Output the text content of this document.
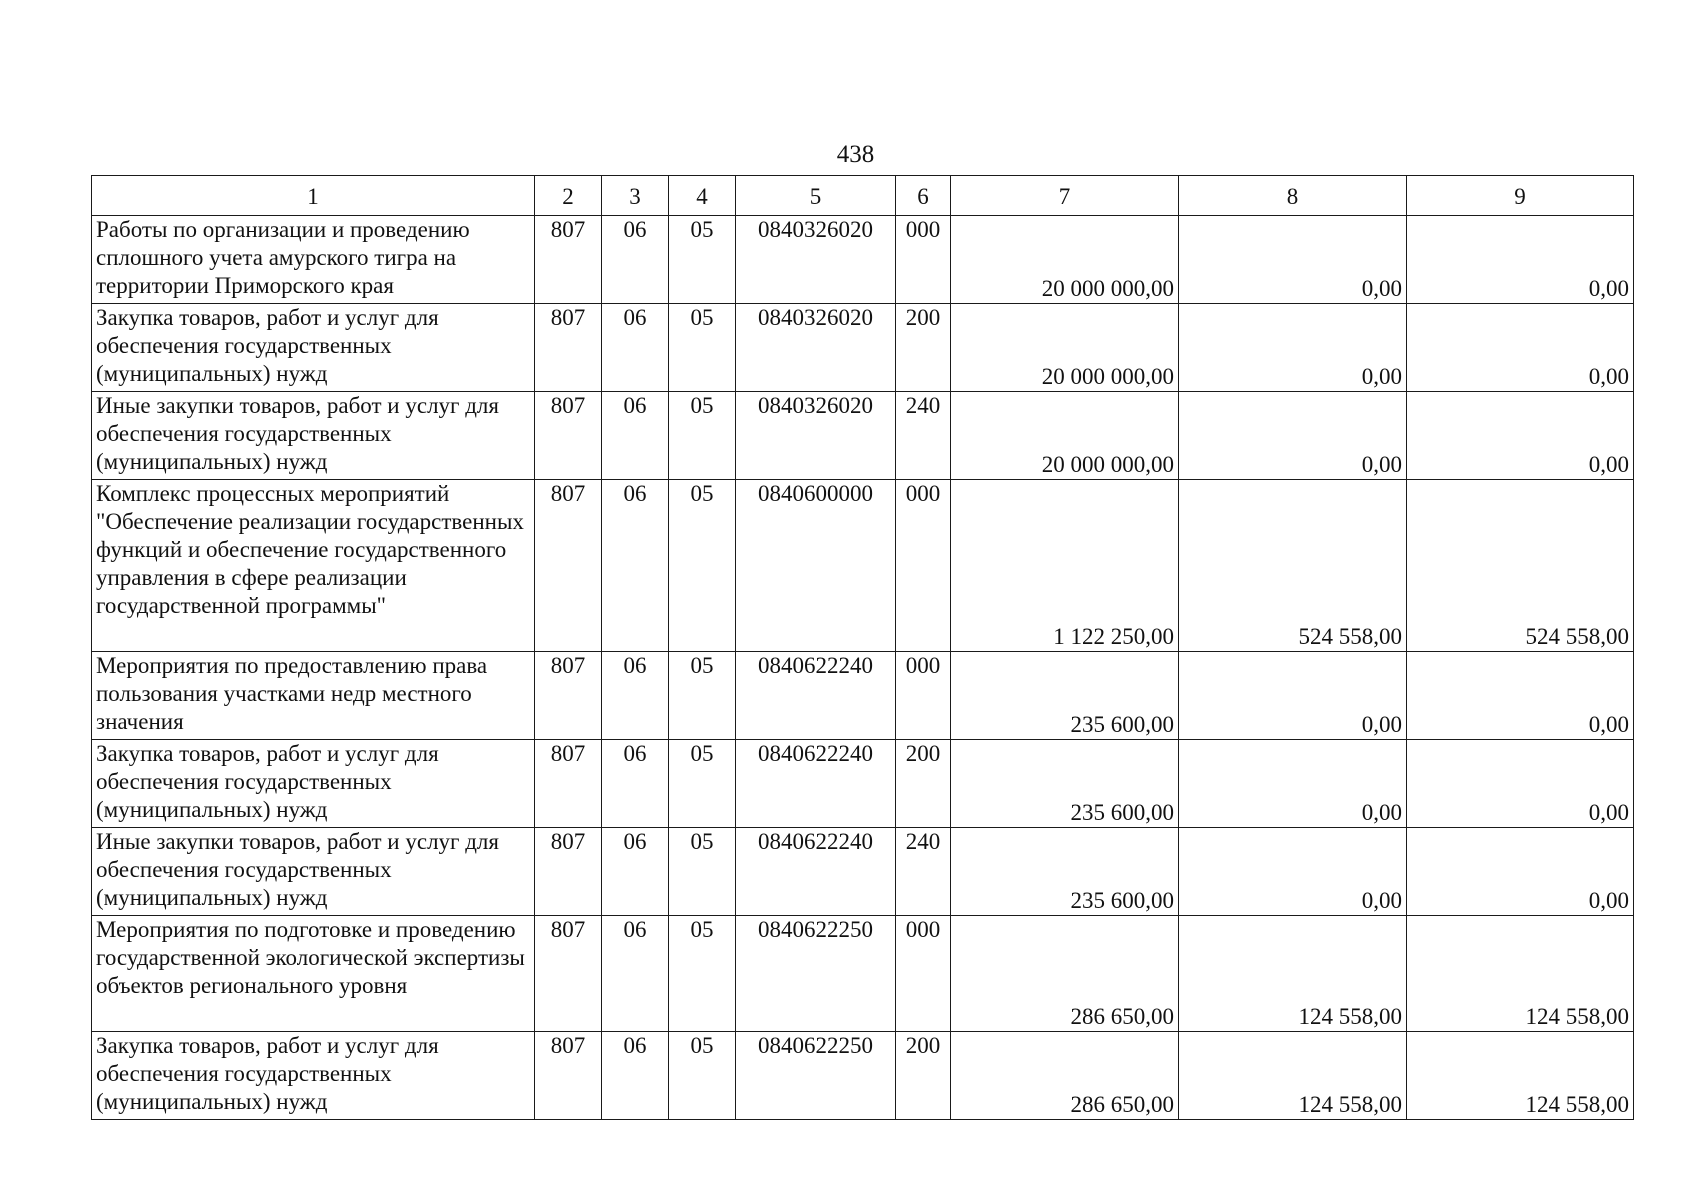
438
1	2	3	4	5	6	7	8	9
Работы по организации и проведению сплошного учета амурского тигра на территории Приморского края	807	06	05	0840326020	000	20 000 000,00	0,00	0,00
Закупка товаров, работ и услуг для обеспечения государственных (муниципальных) нужд	807	06	05	0840326020	200	20 000 000,00	0,00	0,00
Иные закупки товаров, работ и услуг для обеспечения государственных (муниципальных) нужд	807	06	05	0840326020	240	20 000 000,00	0,00	0,00
Комплекс процессных мероприятий "Обеспечение реализации государственных функций и обеспечение государственного управления в сфере реализации государственной программы"	807	06	05	0840600000	000	1 122 250,00	524 558,00	524 558,00
Мероприятия по предоставлению права пользования участками недр местного значения	807	06	05	0840622240	000	235 600,00	0,00	0,00
Закупка товаров, работ и услуг для обеспечения государственных (муниципальных) нужд	807	06	05	0840622240	200	235 600,00	0,00	0,00
Иные закупки товаров, работ и услуг для обеспечения государственных (муниципальных) нужд	807	06	05	0840622240	240	235 600,00	0,00	0,00
Мероприятия по подготовке и проведению государственной экологической экспертизы объектов регионального уровня	807	06	05	0840622250	000	286 650,00	124 558,00	124 558,00
Закупка товаров, работ и услуг для обеспечения государственных (муниципальных) нужд	807	06	05	0840622250	200	286 650,00	124 558,00	124 558,00
